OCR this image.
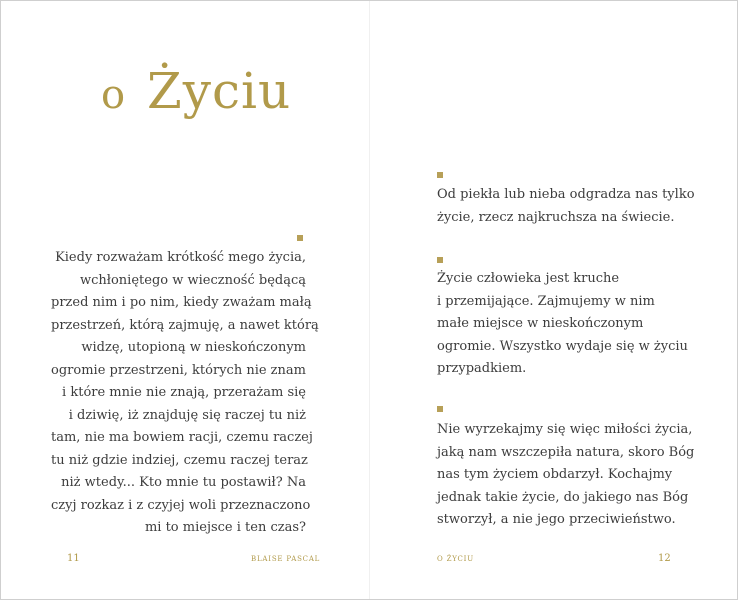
o Życiu
Kiedy rozważam krótkość mego życia,
wchłoniętego w wieczność będącą
przed nim i po nim, kiedy zważam małą
przestrzeń, którą zajmuję, a nawet którą
widzę, utopioną w nieskończonym
ogromie przestrzeni, których nie znam
i które mnie nie znają, przerażam się
i dziwię, iż znajduję się raczej tu niż
tam, nie ma bowiem racji, czemu raczej
tu niż gdzie indziej, czemu raczej teraz
niż wtedy... Kto mnie tu postawił? Na
czyj rozkaz i z czyjej woli przeznaczono
mi to miejsce i ten czas?
Od piekła lub nieba odgradza nas tylko
życie, rzecz najkruchsza na świecie.
Życie człowieka jest kruche
i przemijające. Zajmujemy w nim
małe miejsce w nieskończonym
ogromie. Wszystko wydaje się w życiu
przypadkiem.
Nie wyrzekajmy się więc miłości życia,
jaką nam wszczepiła natura, skoro Bóg
nas tym życiem obdarzył. Kochajmy
jednak takie życie, do jakiego nas Bóg
stworzył, a nie jego przeciwieństwo.
11	BLAISE PASCAL	O ŻYCIU	12
